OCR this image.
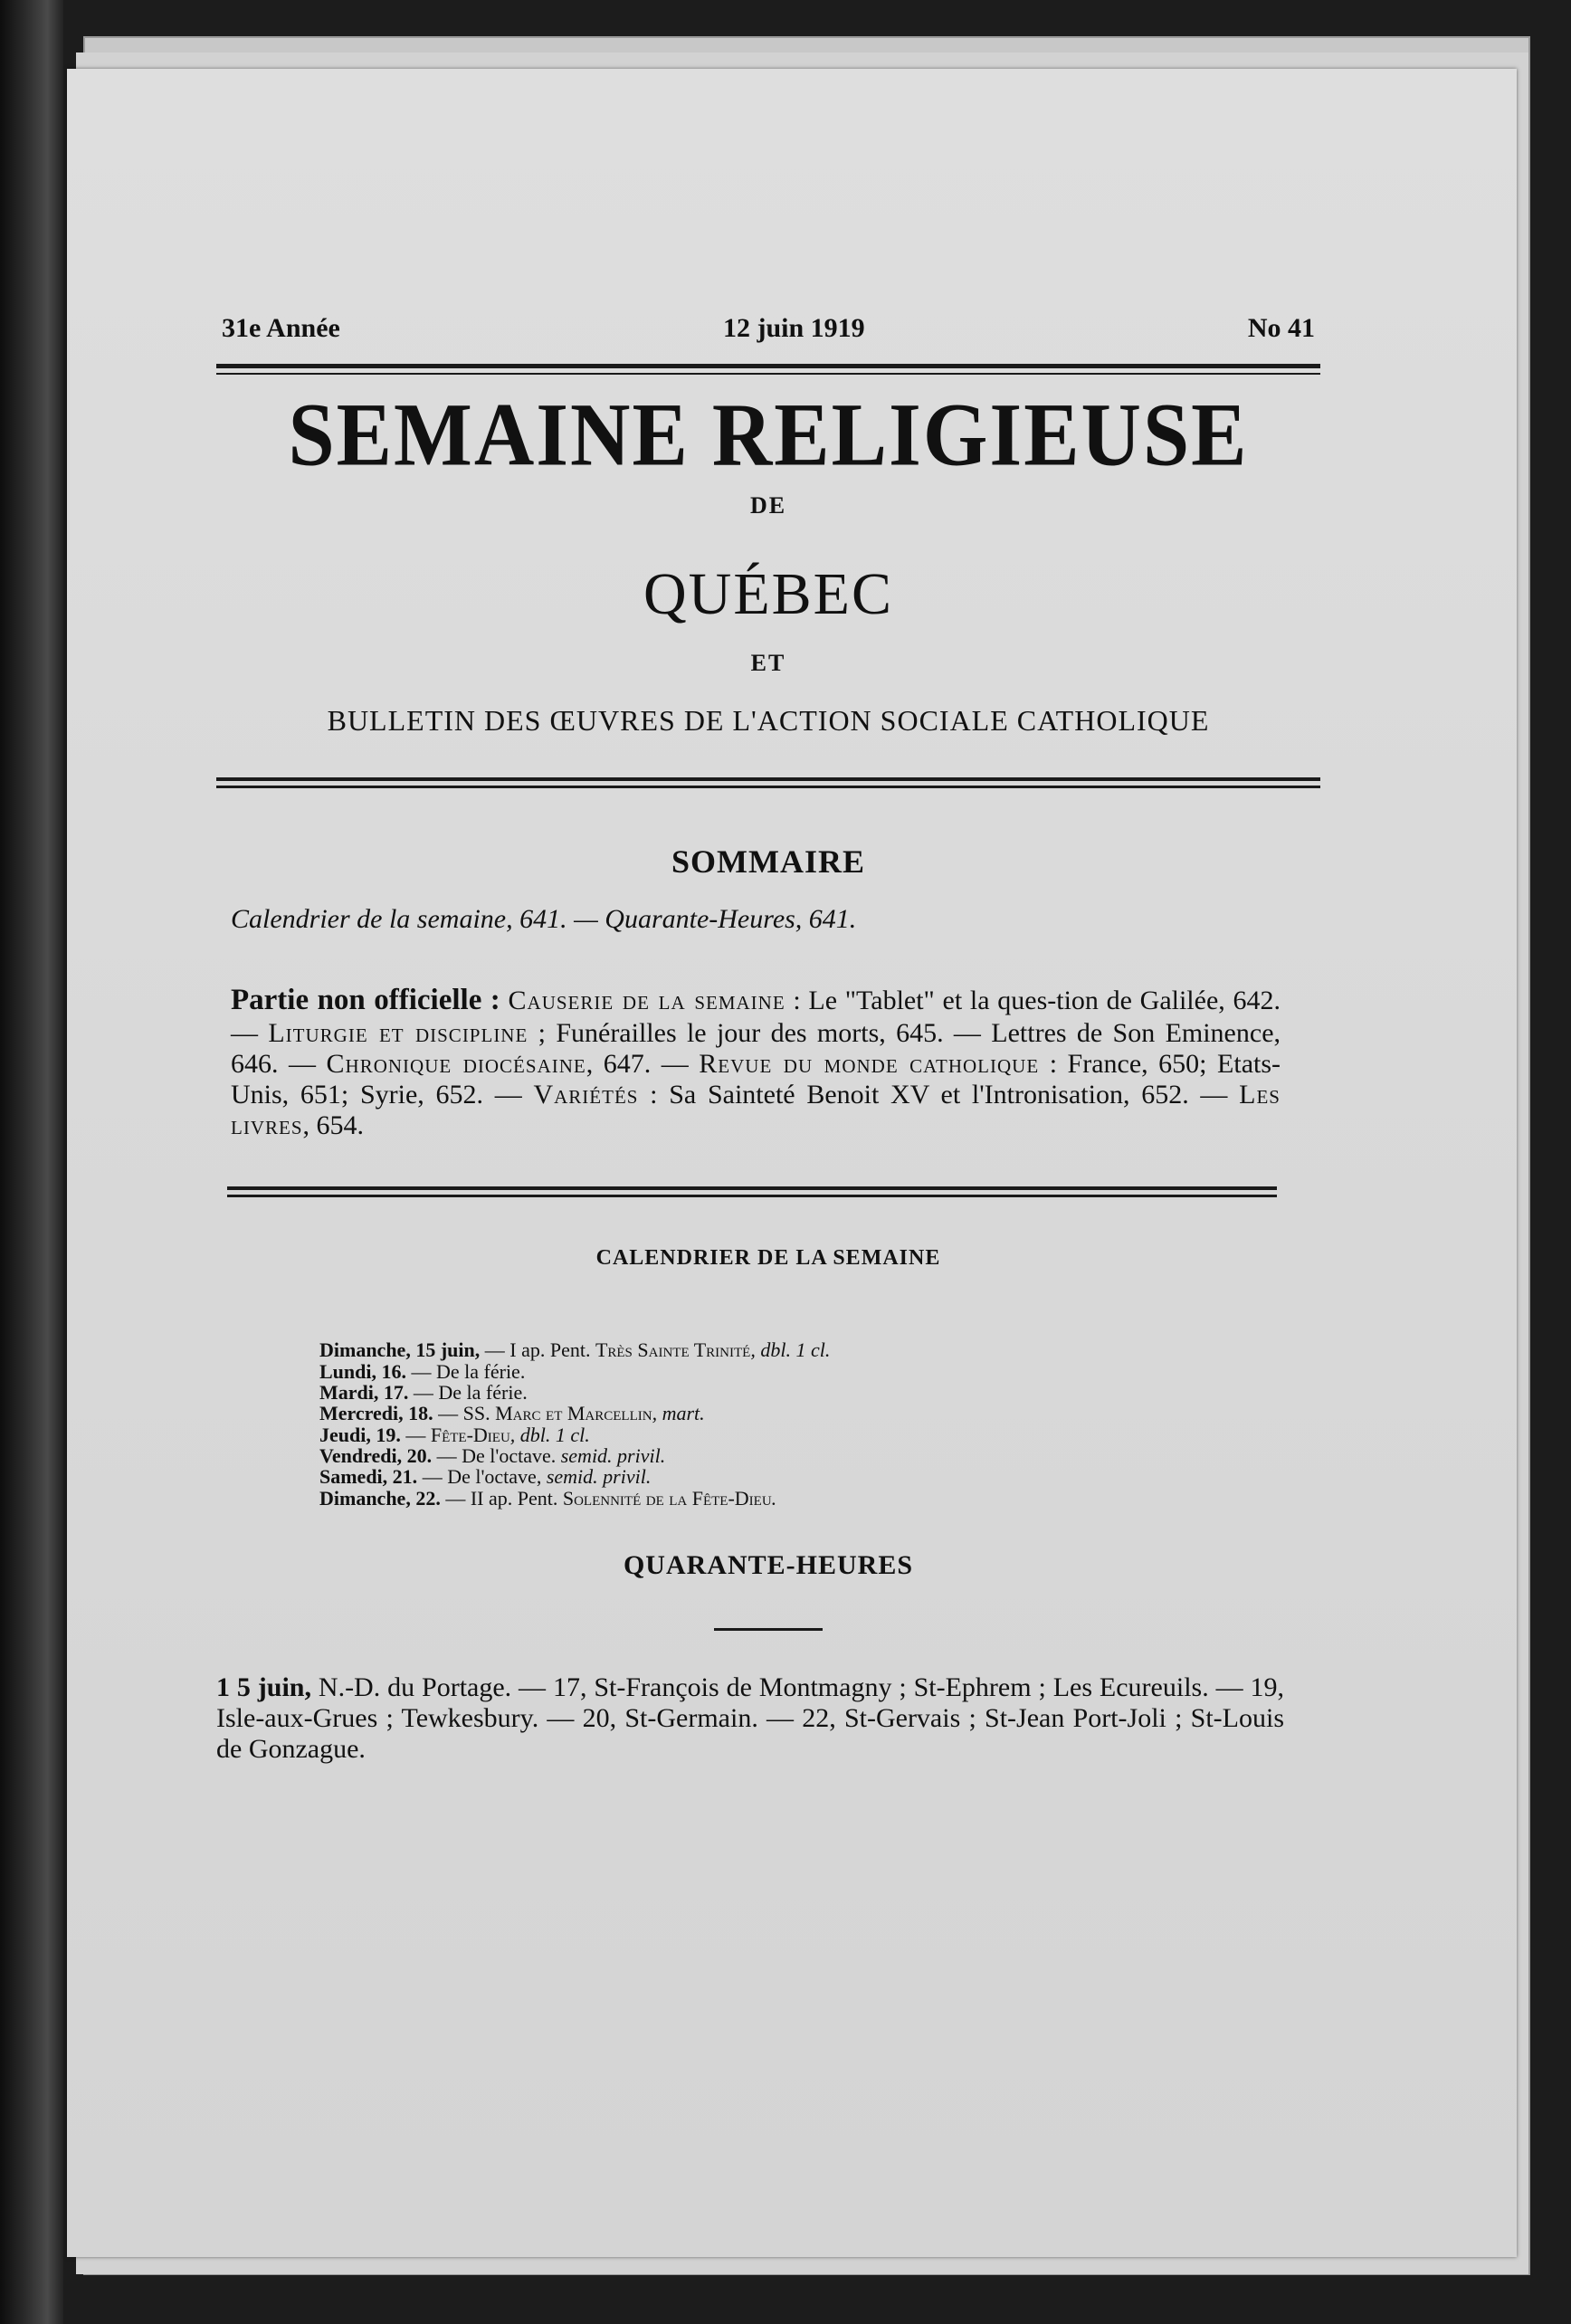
31e Année	12 juin 1919	No 41
SEMAINE RELIGIEUSE
DE
QUÉBEC
ET
BULLETIN DES ŒUVRES DE L'ACTION SOCIALE CATHOLIQUE
SOMMAIRE
Calendrier de la semaine, 641. — Quarante-Heures, 641.
Partie non officielle : Causerie de la semaine : Le "Tablet" et la ques-tion de Galilée, 642. — Liturgie et discipline ; Funérailles le jour des morts, 645. — Lettres de Son Eminence, 646. — Chronique diocésaine, 647. — Revue du monde catholique : France, 650; Etats-Unis, 651; Syrie, 652. — Variétés : Sa Sainteté Benoit XV et l'Intronisation, 652. — Les livres, 654.
CALENDRIER DE LA SEMAINE
Dimanche, 15 juin, — I ap. Pent. Très Sainte Trinité, dbl. 1 cl.
Lundi, 16. — De la férie.
Mardi, 17. — De la férie.
Mercredi, 18. — SS. Marc et Marcellin, mart.
Jeudi, 19. — Fête-Dieu, dbl. 1 cl.
Vendredi, 20. — De l'octave. semid. privil.
Samedi, 21. — De l'octave, semid. privil.
Dimanche, 22. — II ap. Pent. Solennité de la Fête-Dieu.
QUARANTE-HEURES
1 5 juin, N.-D. du Portage. — 17, St-François de Montmagny ; St-Ephrem ; Les Ecureuils. — 19, Isle-aux-Grues ; Tewkesbury. — 20, St-Germain. — 22, St-Gervais ; St-Jean Port-Joli ; St-Louis de Gonzague.
